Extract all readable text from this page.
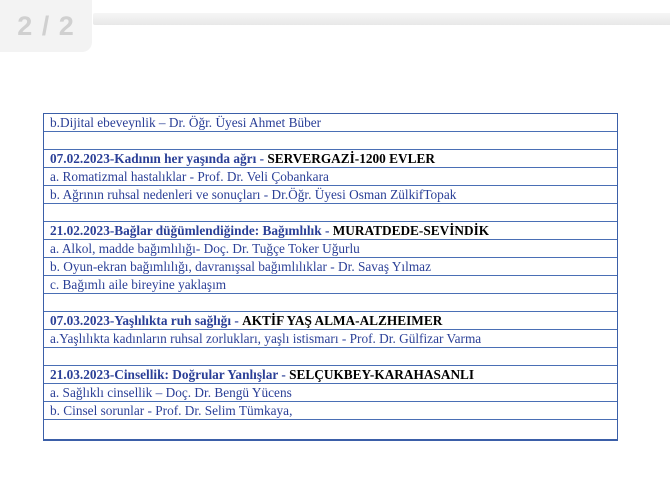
2 / 2
b.Dijital ebeveynlik – Dr. Öğr. Üyesi Ahmet Büber
07.02.2023-Kadının her yaşında ağrı - SERVERGAZİ-1200 EVLER
a. Romatizmal hastalıklar - Prof. Dr. Veli Çobankara
b. Ağrının ruhsal nedenleri ve sonuçları - Dr.Öğr. Üyesi Osman ZülkifTopak
21.02.2023-Bağlar düğümlendiğinde: Bağımlılık - MURATDEDE-SEVİNDİK
a. Alkol, madde bağımlılığı- Doç. Dr. Tuğçe Toker Uğurlu
b. Oyun-ekran bağımlılığı, davranışsal bağımlılıklar - Dr. Savaş Yılmaz
c. Bağımlı aile bireyine yaklaşım
07.03.2023-Yaşlılıkta ruh sağlığı - AKTİF YAŞ ALMA-ALZHEIMER
a.Yaşlılıkta kadınların ruhsal zorlukları, yaşlı istismarı - Prof. Dr. Gülfizar Varma
21.03.2023-Cinsellik: Doğrular Yanlışlar - SELÇUKBEY-KARAHASANLI
a. Sağlıklı cinsellik – Doç. Dr. Bengü Yücens
b. Cinsel sorunlar - Prof. Dr. Selim Tümkaya,
